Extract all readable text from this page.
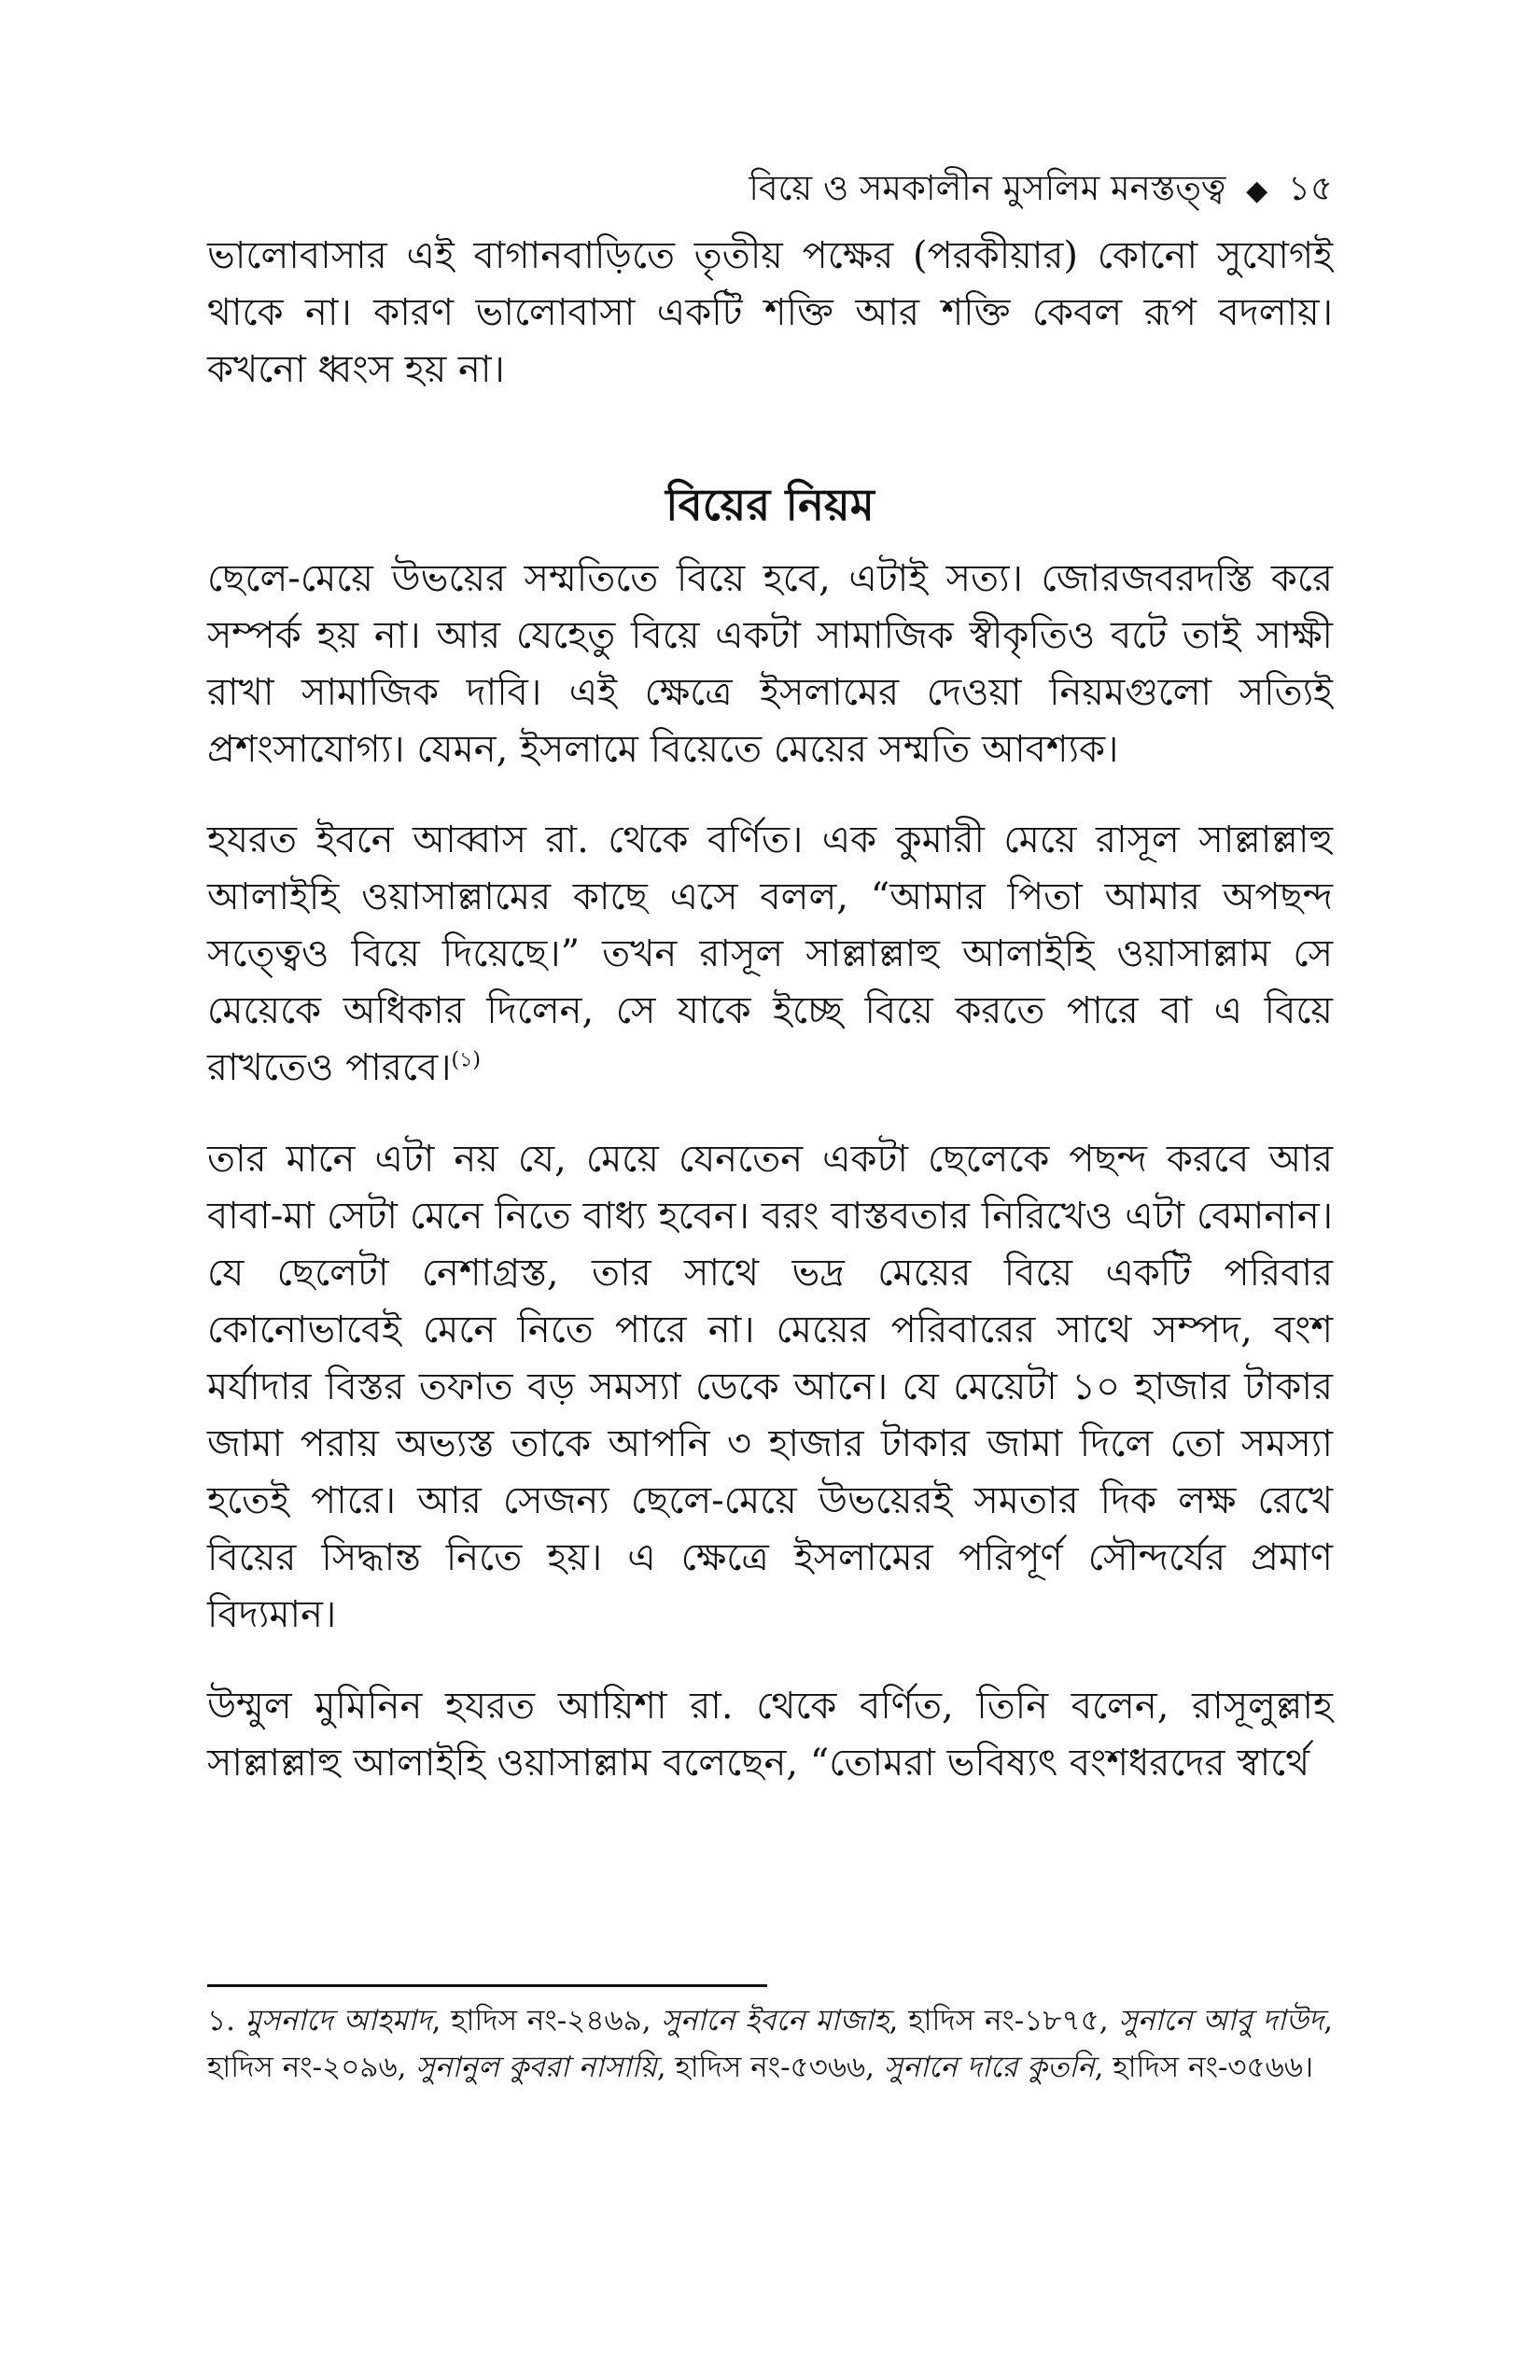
বিয়ে ও সমকালীন মুসলিম মনস্তত্ত্ব ◆ ১৫

ভালোবাসার এই বাগানবাড়িতে তৃতীয় পক্ষের (পরকীয়ার) কোনো সুযোগই থাকে না। কারণ ভালোবাসা একটি শক্তি আর শক্তি কেবল রূপ বদলায়। কখনো ধ্বংস হয় না।

বিয়ের নিয়ম

ছেলে-মেয়ে উভয়ের সম্মতিতে বিয়ে হবে, এটাই সত্য। জোরজবরদস্তি করে সম্পর্ক হয় না। আর যেহেতু বিয়ে একটা সামাজিক স্বীকৃতিও বটে তাই সাক্ষী রাখা সামাজিক দাবি। এই ক্ষেত্রে ইসলামের দেওয়া নিয়মগুলো সত্যিই প্রশংসাযোগ্য। যেমন, ইসলামে বিয়েতে মেয়ের সম্মতি আবশ্যক।

হযরত ইবনে আব্বাস রা. থেকে বর্ণিত। এক কুমারী মেয়ে রাসূল সাল্লাল্লাহু আলাইহি ওয়াসাল্লামের কাছে এসে বলল, “আমার পিতা আমার অপছন্দ সত্ত্বেও বিয়ে দিয়েছে।” তখন রাসূল সাল্লাল্লাহু আলাইহি ওয়াসাল্লাম সে মেয়েকে অধিকার দিলেন, সে যাকে ইচ্ছে বিয়ে করতে পারে বা এ বিয়ে রাখতেও পারবে।$^{(১)}$

তার মানে এটা নয় যে, মেয়ে যেনতেন একটা ছেলেকে পছন্দ করবে আর বাবা-মা সেটা মেনে নিতে বাধ্য হবেন। বরং বাস্তবতার নিরিখেও এটা বেমানান। যে ছেলেটা নেশাগ্রস্ত, তার সাথে ভদ্র মেয়ের বিয়ে একটি পরিবার কোনোভাবেই মেনে নিতে পারে না। মেয়ের পরিবারের সাথে সম্পদ, বংশ মর্যাদার বিস্তর তফাত বড় সমস্যা ডেকে আনে। যে মেয়েটা ১০ হাজার টাকার জামা পরায় অভ্যস্ত তাকে আপনি ৩ হাজার টাকার জামা দিলে তো সমস্যা হতেই পারে। আর সেজন্য ছেলে-মেয়ে উভয়েরই সমতার দিক লক্ষ রেখে বিয়ের সিদ্ধান্ত নিতে হয়। এ ক্ষেত্রে ইসলামের পরিপূর্ণ সৌন্দর্যের প্রমাণ বিদ্যমান।

উম্মুল মুমিনিন হযরত আয়িশা রা. থেকে বর্ণিত, তিনি বলেন, রাসূলুল্লাহ সাল্লাল্লাহু আলাইহি ওয়াসাল্লাম বলেছেন, “তোমরা ভবিষ্যৎ বংশধরদের স্বার্থে

১. মুসনাদে আহমাদ, হাদিস নং-২৪৬৯, সুনানে ইবনে মাজাহ, হাদিস নং-১৮৭৫, সুনানে আবু দাউদ, হাদিস নং-২০৯৬, সুনানুল কুবরা নাসায়ি, হাদিস নং-৫৩৬৬, সুনানে দারে কুতনি, হাদিস নং-৩৫৬৬।
